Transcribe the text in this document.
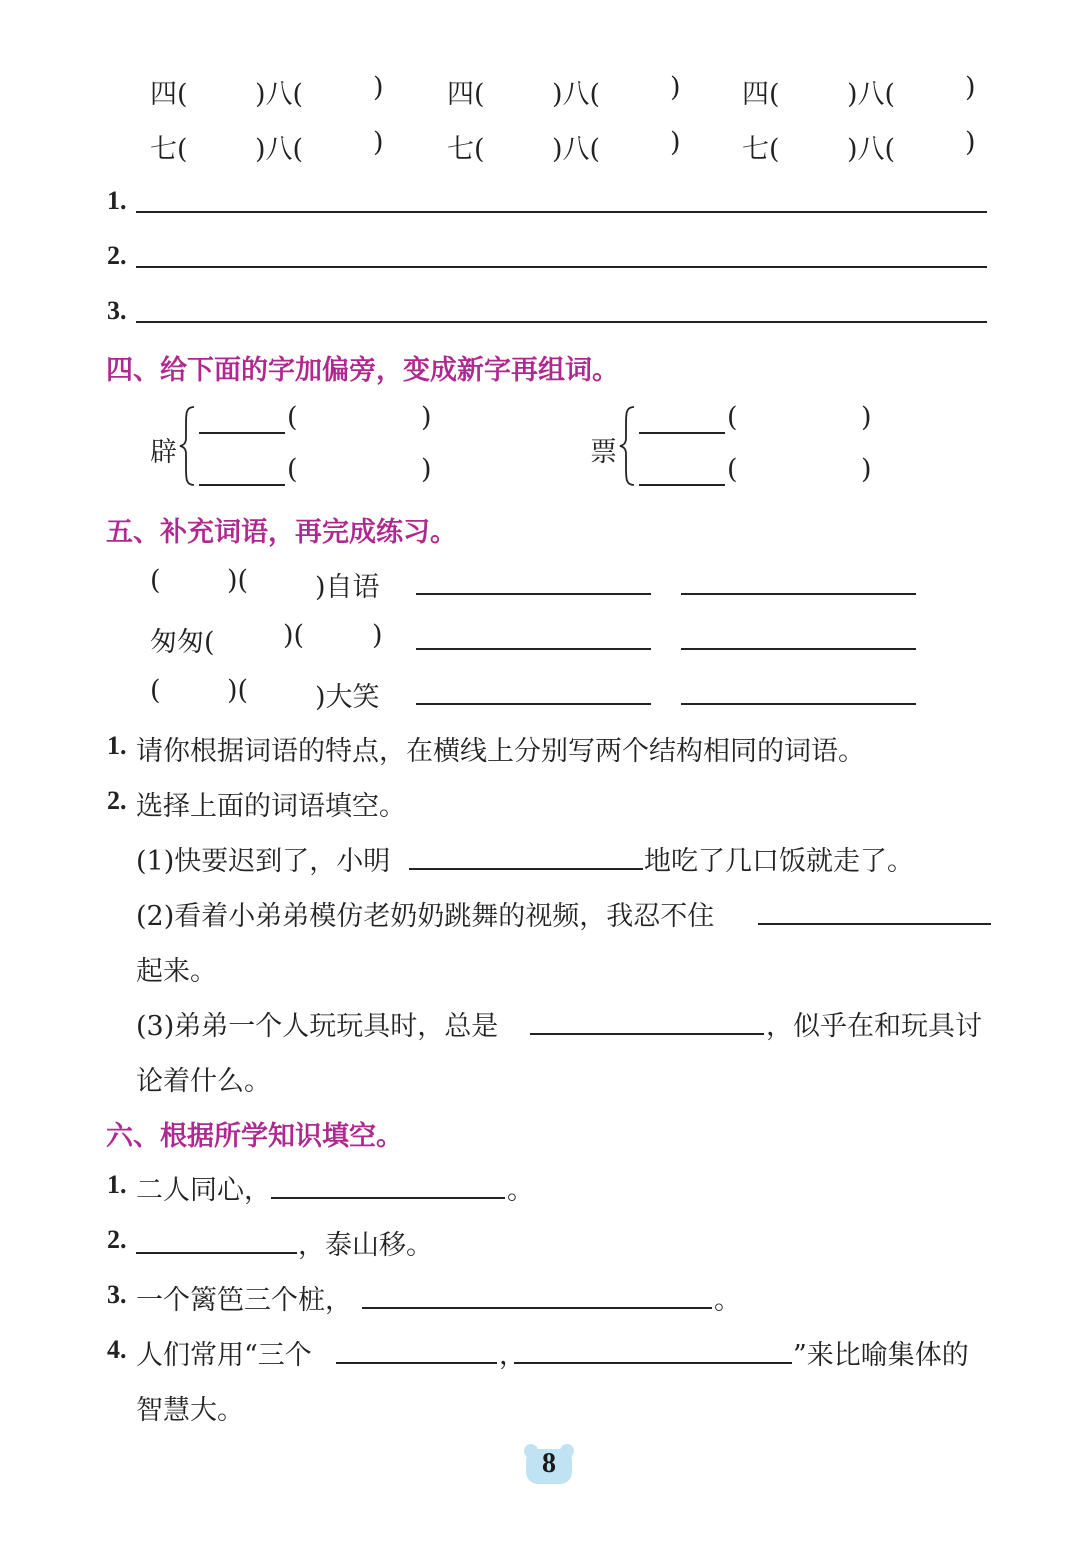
四( )八(	) 四( )八(	) 四( )八(	)
七( )八(	) 七( )八(	) 七( )八(	)
1.
2.
3.
四、给下面的字加偏旁，变成新字再组词。
辟
(	)
(	)
票
(	)
(	)
五、补充词语，再完成练习。
( )( )自语
匆匆(	)(	)
( )( )大笑
1. 请你根据词语的特点，在横线上分别写两个结构相同的词语。
2. 选择上面的词语填空。
(1)快要迟到了，小明	地吃了几口饭就走了。
(2)看着小弟弟模仿老奶奶跳舞的视频，我忍不住
起来。
(3)弟弟一个人玩玩具时，总是	，似乎在和玩具讨
论着什么。
六、根据所学知识填空。
1. 二人同心，	。
2.	，泰山移。
3. 一个篱笆三个桩，	。
4. 人们常用“三个	，	”来比喻集体的
智慧大。
8
